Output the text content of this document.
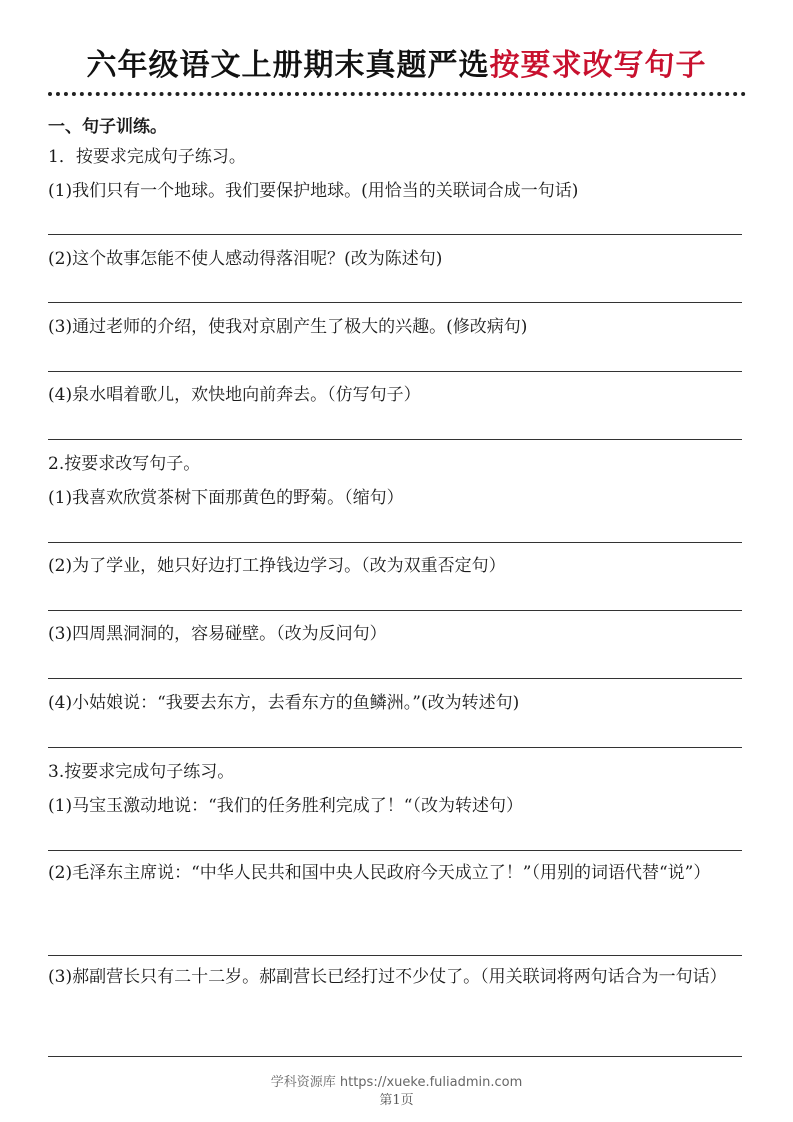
六年级语文上册期末真题严选按要求改写句子
一、句子训练。
1．按要求完成句子练习。
(1)我们只有一个地球。我们要保护地球。(用恰当的关联词合成一句话)
(2)这个故事怎能不使人感动得落泪呢？(改为陈述句)
(3)通过老师的介绍，使我对京剧产生了极大的兴趣。(修改病句)
(4)泉水唱着歌儿，欢快地向前奔去。（仿写句子）
2.按要求改写句子。
(1)我喜欢欣赏茶树下面那黄色的野菊。（缩句）
(2)为了学业，她只好边打工挣钱边学习。（改为双重否定句）
(3)四周黑洞洞的，容易碰壁。（改为反问句）
(4)小姑娘说：“我要去东方，去看东方的鱼鳞洲。”(改为转述句)
3.按要求完成句子练习。
(1)马宝玉激动地说：“我们的任务胜利完成了！“（改为转述句）
(2)毛泽东主席说：“中华人民共和国中央人民政府今天成立了！”（用别的词语代替“说”）
(3)郝副营长只有二十二岁。郝副营长已经打过不少仗了。（用关联词将两句话合为一句话）
学科资源库 https://xueke.fuliadmin.com
第1页
